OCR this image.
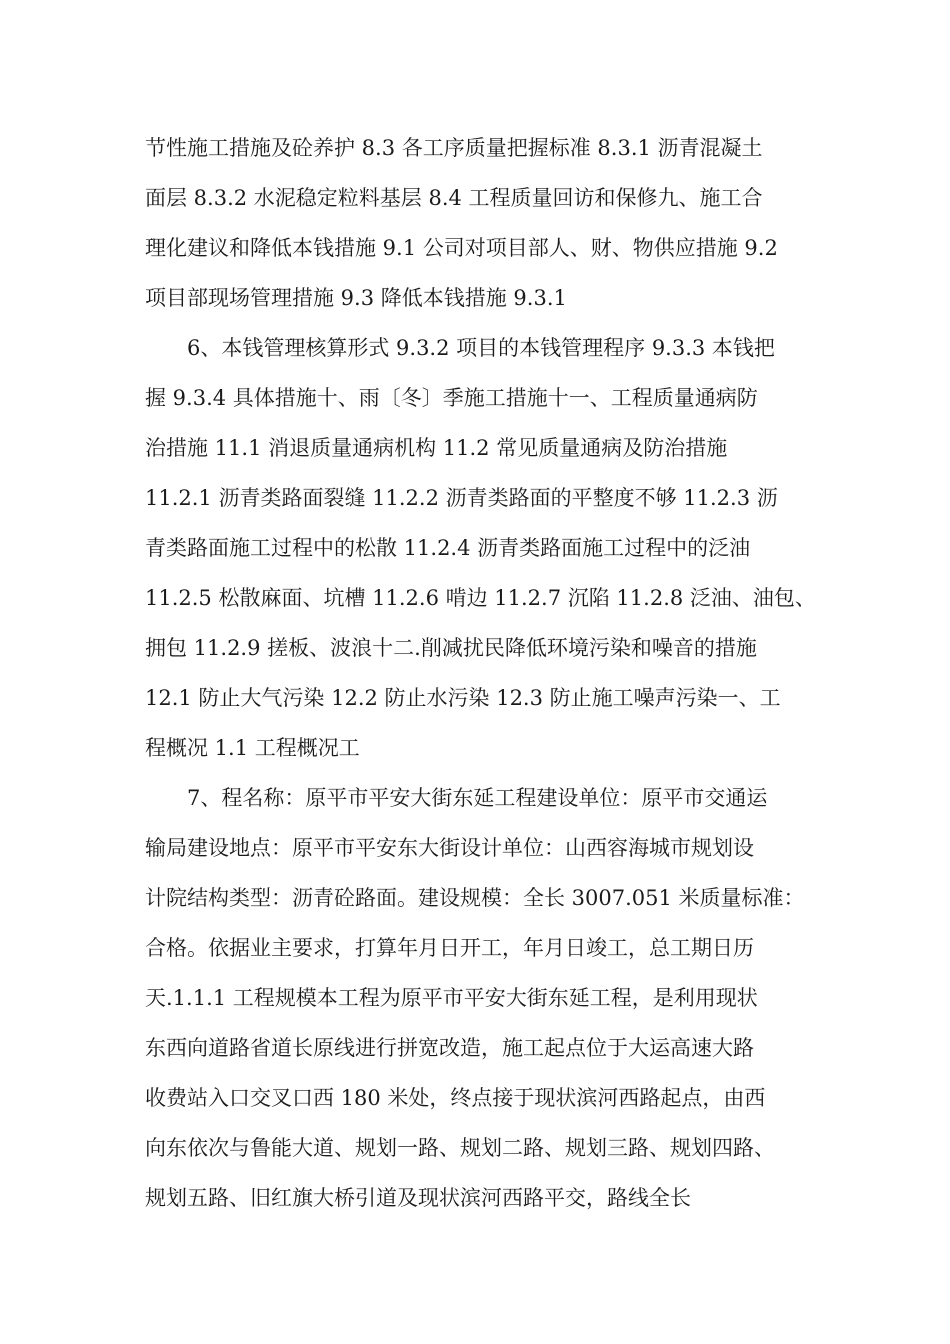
节性施工措施及砼养护 8.3 各工序质量把握标准 8.3.1 沥青混凝土
面层 8.3.2 水泥稳定粒料基层 8.4 工程质量回访和保修九、施工合
理化建议和降低本钱措施 9.1 公司对项目部人、财、物供应措施 9.2
项目部现场管理措施 9.3 降低本钱措施 9.3.1
6、本钱管理核算形式 9.3.2 项目的本钱管理程序 9.3.3 本钱把
握 9.3.4 具体措施十、雨〔冬〕季施工措施十一、工程质量通病防
治措施 11.1 消退质量通病机构 11.2 常见质量通病及防治措施
11.2.1 沥青类路面裂缝 11.2.2 沥青类路面的平整度不够 11.2.3 沥
青类路面施工过程中的松散 11.2.4 沥青类路面施工过程中的泛油
11.2.5 松散麻面、坑槽 11.2.6 啃边 11.2.7 沉陷 11.2.8 泛油、油包、
拥包 11.2.9 搓板、波浪十二.削减扰民降低环境污染和噪音的措施
12.1 防止大气污染 12.2 防止水污染 12.3 防止施工噪声污染一、工
程概况 1.1 工程概况工
7、程名称：原平市平安大街东延工程建设单位：原平市交通运
输局建设地点：原平市平安东大街设计单位：山西容海城市规划设
计院结构类型：沥青砼路面。建设规模：全长 3007.051 米质量标准：
合格。依据业主要求，打算年月日开工，年月日竣工，总工期日历
天.1.1.1 工程规模本工程为原平市平安大街东延工程，是利用现状
东西向道路省道长原线进行拼宽改造，施工起点位于大运高速大路
收费站入口交叉口西 180 米处，终点接于现状滨河西路起点，由西
向东依次与鲁能大道、规划一路、规划二路、规划三路、规划四路、
规划五路、旧红旗大桥引道及现状滨河西路平交，路线全长
